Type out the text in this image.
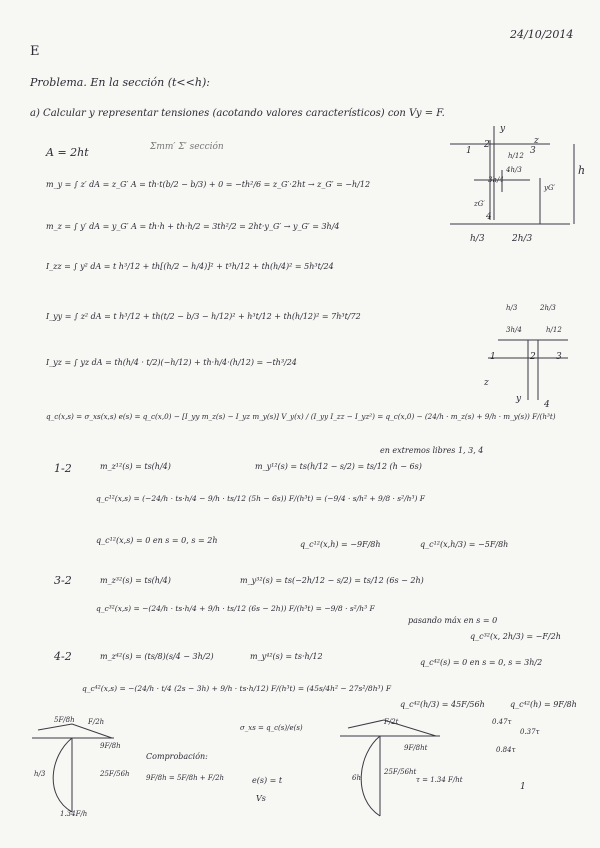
24/10/2014
E
Problema. En la sección (t<<h):
a) Calcular y representar tensiones (acotando valores característicos) con Vy = F.
A = 2ht	Σmm′ Σ′ sección
m_y = ∫ z′ dA = z_G′ A = th·t(b/2 − b/3) + 0 = −th²/6 = z_G′·2ht → z_G′ = −h/12
m_z = ∫ y′ dA = y_G′ A = th·h + th·h/2 = 3th²/2 = 2ht·y_G′ → y_G′ = 3h/4
I_zz = ∫ y² dA = t h³/12 + th[(h/2 − h/4)]² + t³h/12 + th(h/4)² = 5h³t/24
I_yy = ∫ z² dA = t h³/12 + th(t/2 − b/3 − h/12)² + h³t/12 + th(h/12)² = 7h³t/72
I_yz = ∫ yz dA = th(h/4 · t/2)(−h/12) + th·h/4·(h/12) = −th³/24
q_c(x,s) = σ_xs(x,s) e(s) = q_c(x,0) − [I_yy m_z(s) − I_yz m_y(s)] V_y(x) / (I_yy I_zz − I_yz²) = q_c(x,0) − (24/h · m_z(s) + 9/h · m_y(s)) F/(h³t)
en extremos libres 1, 3, 4
1-2	m_z¹²(s) = ts(h/4)	m_y¹²(s) = ts(h/12 − s/2) = ts/12 (h − 6s)
q_c¹²(x,s) = (−24/h · ts·h/4 − 9/h · ts/12 (5h − 6s)) F/(h³t) = (−9/4 · s/h² + 9/8 · s²/h³) F
q_c¹²(x,s) = 0 en s = 0, s = 2h	q_c¹²(x,h) = −9F/8h	q_c¹²(x,h/3) = −5F/8h
3-2	m_z³²(s) = ts(h/4)	m_y³²(s) = ts(−2h/12 − s/2) = ts/12 (6s − 2h)
q_c³²(x,s) = −(24/h · ts·h/4 + 9/h · ts/12 (6s − 2h)) F/(h³t) = −9/8 · s²/h³ F
pasando máx en s = 0
q_c³²(x, 2h/3) = −F/2h
4-2	m_z⁴²(s) = (ts/8)(s/4 − 3h/2)	m_y⁴²(s) = ts·h/12
q_c⁴²(s) = 0 en s = 0, s = 3h/2
q_c⁴²(x,s) = −(24/h · t/4 (2s − 3h) + 9/h · ts·h/12) F/(h³t) = (45s/4h² − 27s²/8h³) F
q_c⁴²(h/3) = 45F/56h	q_c⁴²(h) = 9F/8h
y
z
h/12
4h/3
3h/4
2
1	3
4
h
h/3	2h/3
yG′
zG′
h/3	2h/3
3h/4	h/12
z
y
1	2 3
4
5F/8h F/2h
9F/8h
h/3	25F/56h
1.34F/h
Comprobación:
9F/8h = 5F/8h + F/2h
σ_xs = q_c(s)/e(s)
e(s) = t
Vs
F/2t	0.47τ
0.37τ
0.84τ
9F/8ht
25F/56ht
6h	τ = 1.34 F/ht
1
